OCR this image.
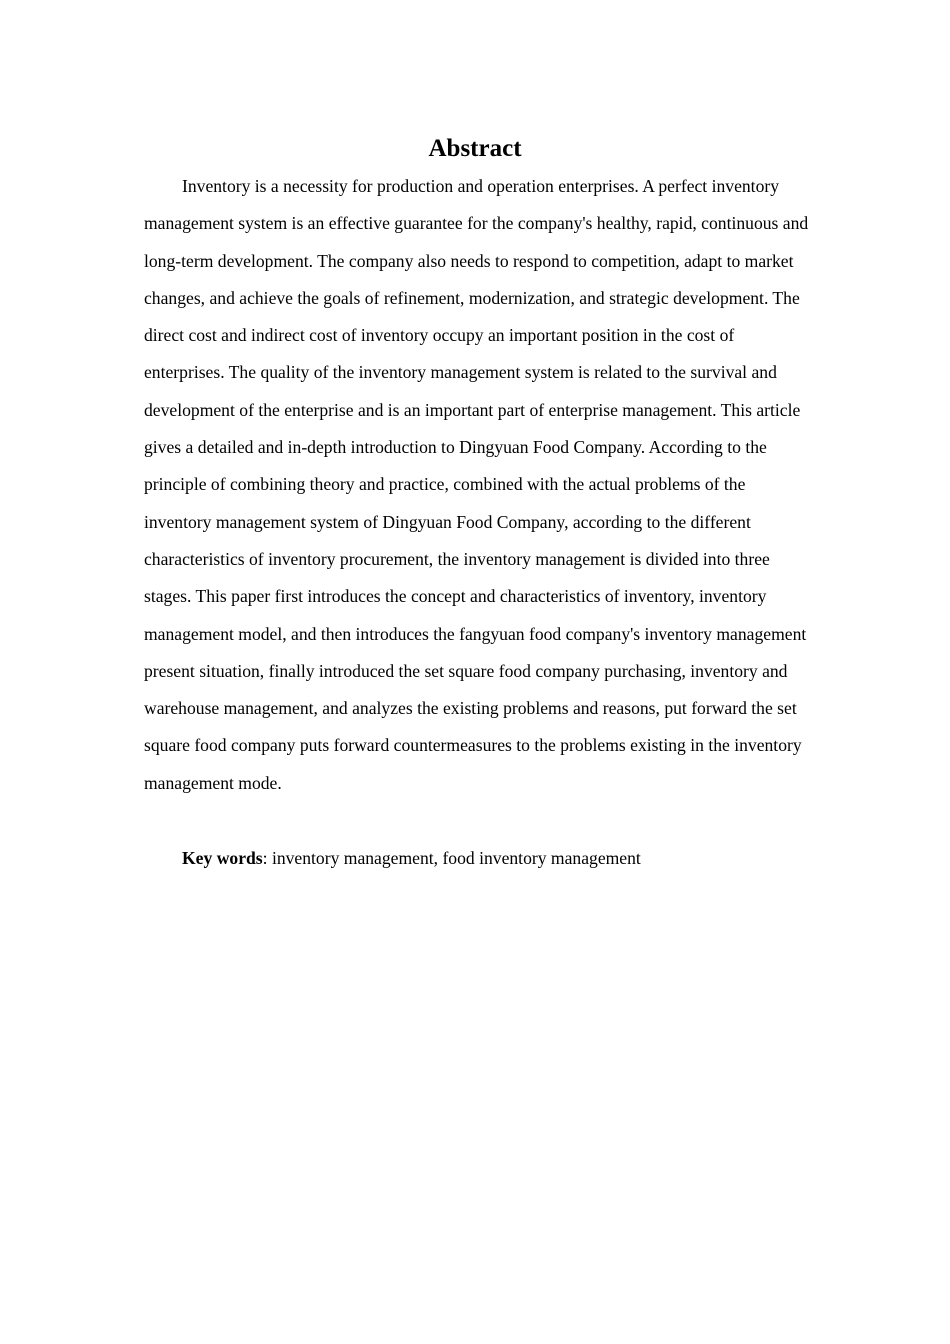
Abstract

Inventory is a necessity for production and operation enterprises. A perfect inventory management system is an effective guarantee for the company's healthy, rapid, continuous and long-term development. The company also needs to respond to competition, adapt to market changes, and achieve the goals of refinement, modernization, and strategic development. The direct cost and indirect cost of inventory occupy an important position in the cost of enterprises. The quality of the inventory management system is related to the survival and development of the enterprise and is an important part of enterprise management. This article gives a detailed and in-depth introduction to Dingyuan Food Company. According to the principle of combining theory and practice, combined with the actual problems of the inventory management system of Dingyuan Food Company, according to the different characteristics of inventory procurement, the inventory management is divided into three stages. This paper first introduces the concept and characteristics of inventory, inventory management model, and then introduces the fangyuan food company's inventory management present situation, finally introduced the set square food company purchasing, inventory and warehouse management, and analyzes the existing problems and reasons, put forward the set square food company puts forward countermeasures to the problems existing in the inventory management mode.

Key words: inventory management, food inventory management
